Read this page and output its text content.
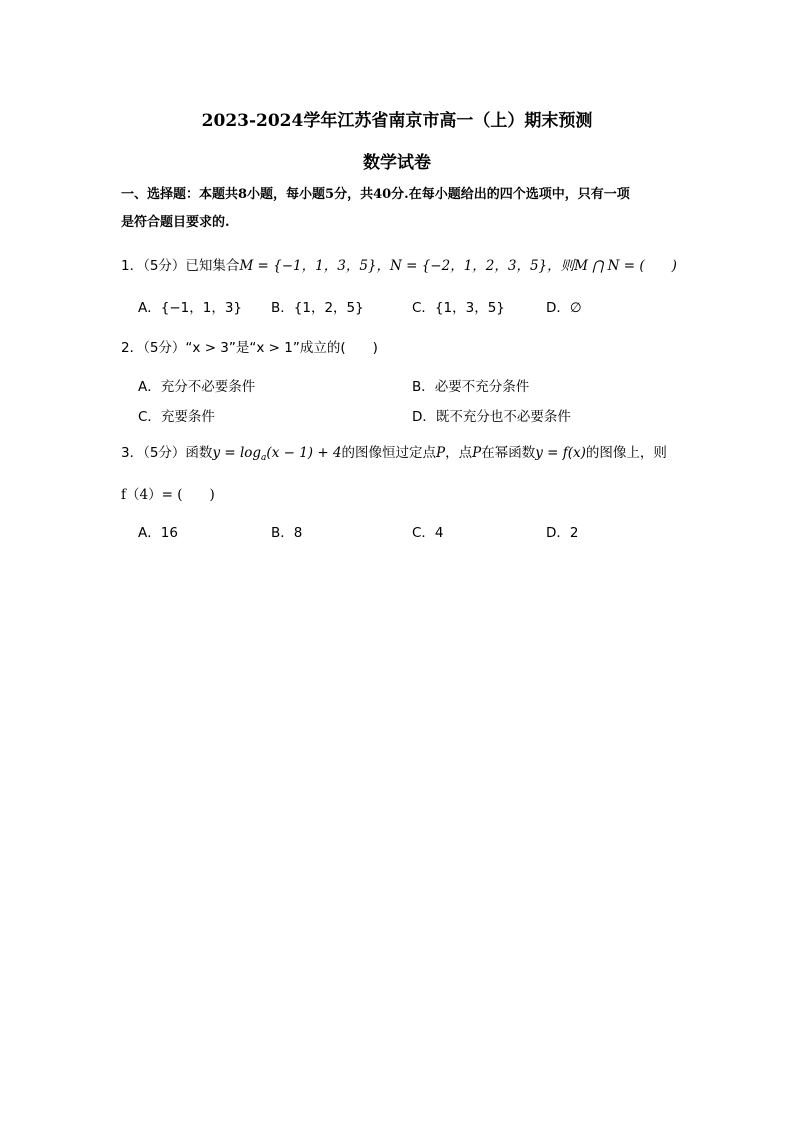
2023-2024学年江苏省南京市高一（上）期末预测
数学试卷
一、选择题：本题共8小题，每小题5分，共40分.在每小题给出的四个选项中，只有一项
是符合题目要求的.
1．（5分）已知集合M = {−1，1，3，5}，N = {−2，1，2，3，5}，则M ⋂ N = (　　)
A．{−1，1，3} B．{1，2，5}	C．{1，3，5}	D．∅
2．（5分）“x > 3”是“x > 1”成立的(　　)
A．充分不必要条件	B．必要不充分条件
C．充要条件	D．既不充分也不必要条件
3．（5分）函数$y = \log_a(x - 1) + 4$的图像恒过定点P，点P在幂函数y = f(x)的图像上，则
f（4）= (　　)
A．16	B．8	C．4	D．2
